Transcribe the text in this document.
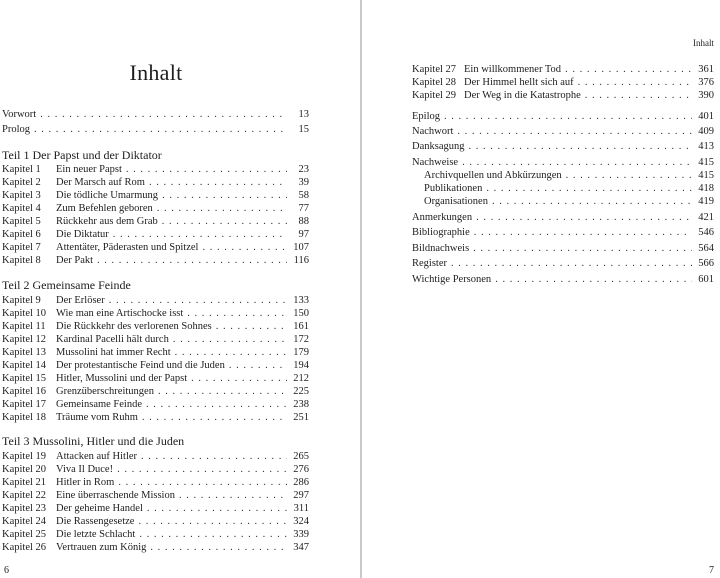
Inhalt
Vorwort . . .	13
Prolog . . .	15
Teil 1 Der Papst und der Diktator
Kapitel 1	Ein neuer Papst . . .	23
Kapitel 2	Der Marsch auf Rom . . .	39
Kapitel 3	Die tödliche Umarmung . . .	58
Kapitel 4	Zum Befehlen geboren . . .	77
Kapitel 5	Rückkehr aus dem Grab . . .	88
Kapitel 6	Die Diktatur . . .	97
Kapitel 7	Attentäter, Päderasten und Spitzel . . .	107
Kapitel 8	Der Pakt . . .	116
Teil 2 Gemeinsame Feinde
Kapitel 9	Der Erlöser . . .	133
Kapitel 10 Wie man eine Artischocke isst . . .	150
Kapitel 11 Die Rückkehr des verlorenen Sohnes . . .	161
Kapitel 12 Kardinal Pacelli hält durch . . .	172
Kapitel 13 Mussolini hat immer Recht . . .	179
Kapitel 14 Der protestantische Feind und die Juden . . .	194
Kapitel 15 Hitler, Mussolini und der Papst . . .	212
Kapitel 16 Grenzüberschreitungen . . .	225
Kapitel 17 Gemeinsame Feinde . . .	238
Kapitel 18 Träume vom Ruhm . . .	251
Teil 3 Mussolini, Hitler und die Juden
Kapitel 19 Attacken auf Hitler . . .	265
Kapitel 20 Viva Il Duce! . . .	276
Kapitel 21 Hitler in Rom . . .	286
Kapitel 22 Eine überraschende Mission . . .	297
Kapitel 23 Der geheime Handel . . .	311
Kapitel 24 Die Rassengesetze . . .	324
Kapitel 25 Die letzte Schlacht . . .	339
Kapitel 26 Vertrauen zum König . . .	347
6
Inhalt
Kapitel 27 Ein willkommener Tod . . .	361
Kapitel 28 Der Himmel hellt sich auf . . .	376
Kapitel 29 Der Weg in die Katastrophe . . .	390
Epilog . . .	401
Nachwort . . .	409
Danksagung . . .	413
Nachweise . . .	415
Archivquellen und Abkürzungen . . .	415
Publikationen . . .	418
Organisationen . . .	419
Anmerkungen . . .	421
Bibliographie . . .	546
Bildnachweis . . .	564
Register . . .	566
Wichtige Personen . . .	601
7
